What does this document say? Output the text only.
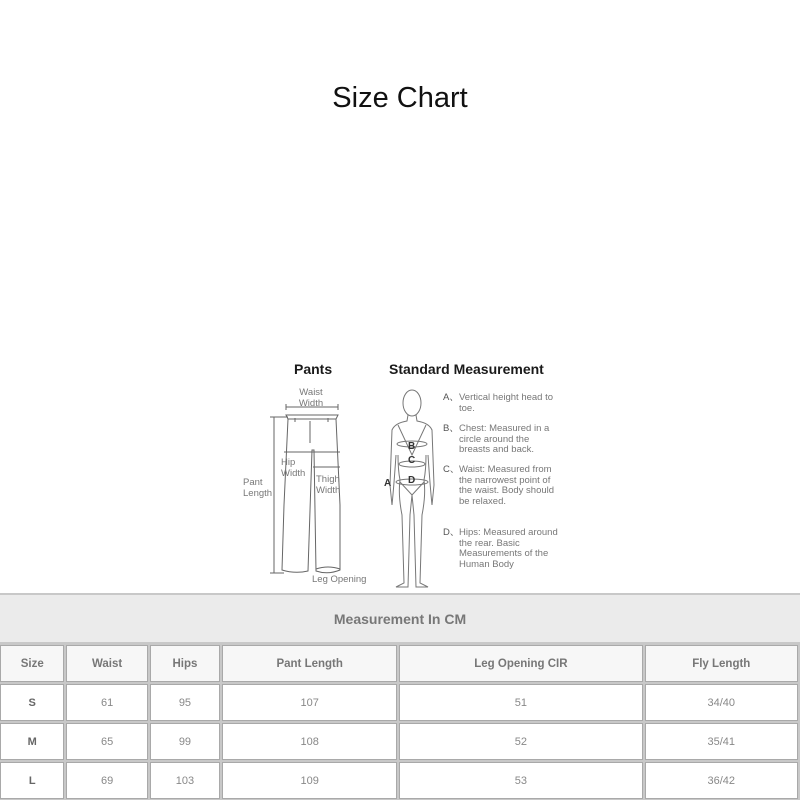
Size Chart
B
C
D
A
Pants	Standard Measurement
Waist Width
Hip Width
Thigh Width
Pant Length
Leg Opening
A、 Vertical height head to toe.
B、 Chest: Measured in a circle around the breasts and back.
C、 Waist: Measured from the narrowest point of the waist. Body should be relaxed.
D、 Hips: Measured around the rear. Basic Measurements of the Human Body
Measurement In CM
Size	Waist	Hips	Pant Length	Leg Opening CIR	Fly Length
S	61	95	107	51	34/40
M	65	99	108	52	35/41
L	69	103	109	53	36/42
